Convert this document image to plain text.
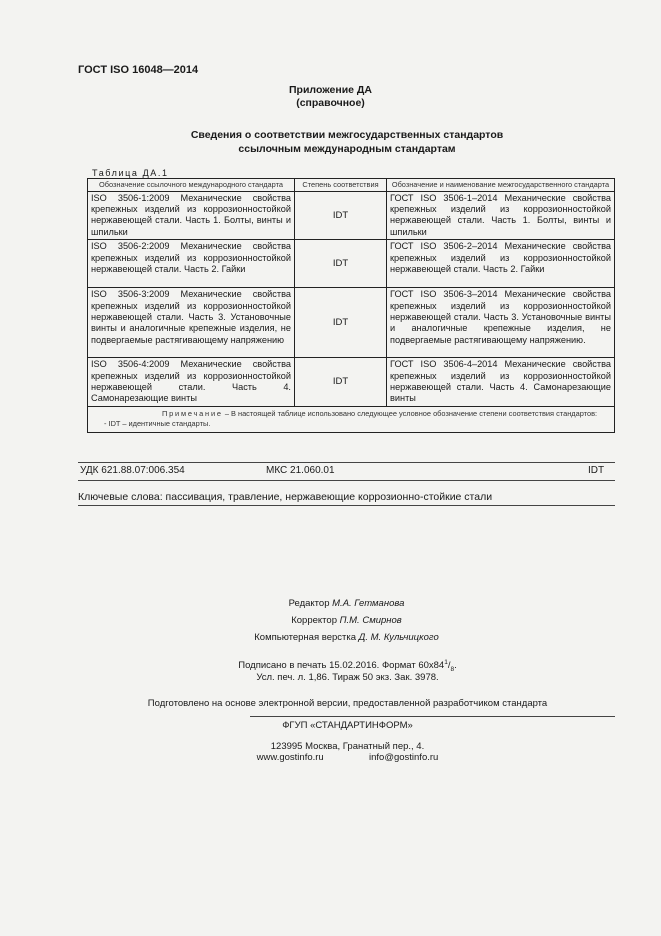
ГОСТ ISO 16048—2014
Приложение ДА
(справочное)
Сведения о соответствии межгосударственных стандартов
ссылочным международным стандартам
Таблица ДА.1
Обозначение ссылочного международного стандарта	Степень соответствия	Обозначение и наименование межгосударственного стандарта
ISO 3506-1:2009 Механические свойства крепежных изделий из коррозионностойкой нержавеющей стали. Часть 1. Болты, винты и шпильки	IDT	ГОСТ ISO 3506-1–2014 Механические свойства крепежных изделий из коррозионностойкой нержавеющей стали. Часть 1. Болты, винты и шпильки
ISO 3506-2:2009 Механические свойства крепежных изделий из коррозионностойкой нержавеющей стали. Часть 2. Гайки	IDT	ГОСТ ISO 3506-2–2014 Механические свойства крепежных изделий из коррозионностойкой нержавеющей стали. Часть 2. Гайки
ISO 3506-3:2009 Механические свойства крепежных изделий из коррозионностойкой нержавеющей стали. Часть 3. Установочные винты и аналогичные крепежные изделия, не подвергаемые растягивающему напряжению	IDT	ГОСТ ISO 3506-3–2014 Механические свойства крепежных изделий из коррозионностойкой нержавеющей стали. Часть 3. Установочные винты и аналогичные крепежные изделия, не подвергаемые растягивающему напряжению.
ISO 3506-4:2009 Механические свойства крепежных изделий из коррозионностойкой нержавеющей стали. Часть 4. Самонарезающие винты	IDT	ГОСТ ISO 3506-4–2014 Механические свойства крепежных изделий из коррозионностойкой нержавеющей стали. Часть 4. Самонарезающие винты

Примечание – В настоящей таблице использовано следующее условное обозначение степени соответствия стандартов:
- IDT – идентичные стандарты.		
УДК 621.88.07:006.354	МКС 21.060.01	IDT
Ключевые слова: пассивация, травление, нержавеющие коррозионно-стойкие стали
Редактор М.А. Гетманова
Корректор П.М. Смирнов
Компьютерная верстка Д. М. Кульчицкого
Подписано в печать 15.02.2016. Формат $60х84^1/_8$.
Усл. печ. л. 1,86. Тираж 50 экз. Зак. 3978.
Подготовлено на основе электронной версии, предоставленной разработчиком стандарта
ФГУП «СТАНДАРТИНФОРМ»
123995 Москва, Гранатный пер., 4.
www.gostinfo.ru	info@gostinfo.ru
